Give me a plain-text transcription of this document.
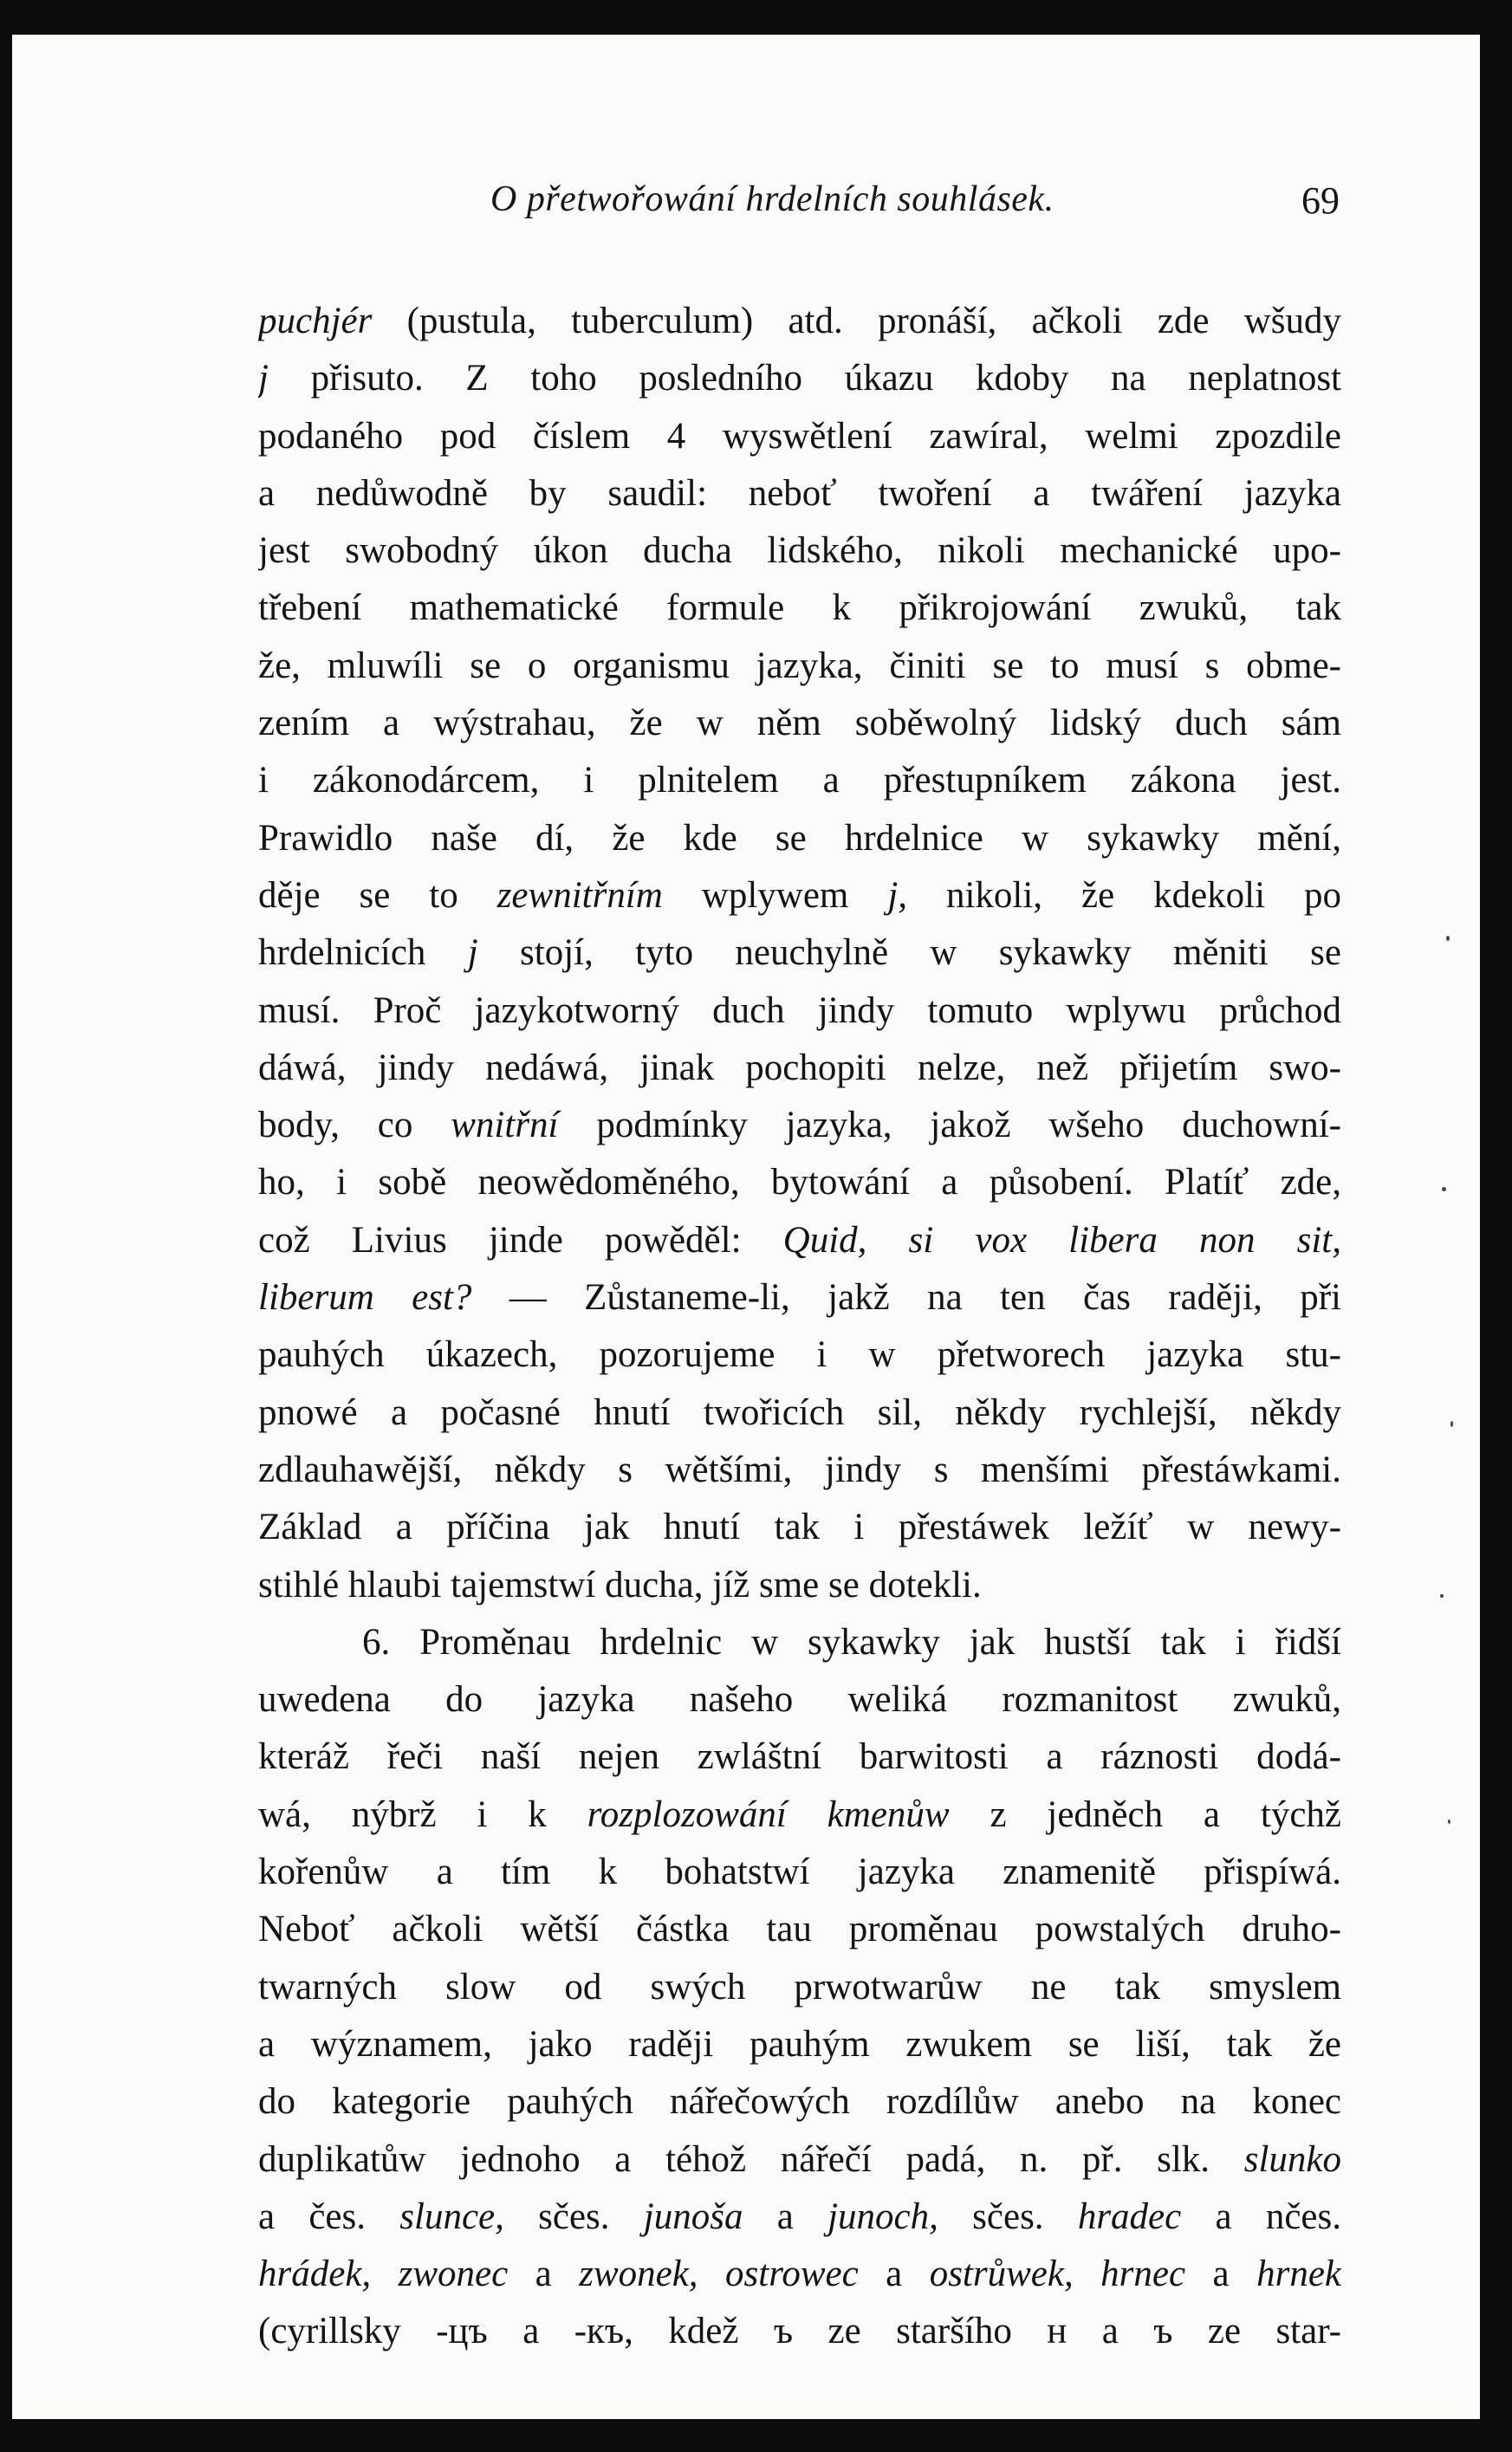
O přetwořowání hrdelních souhlásek.	69
puchjér (pustula, tuberculum) atd. pronáší, ačkoli zde wšudy
j přisuto. Z toho posledního úkazu kdoby na neplatnost
podaného pod číslem 4 wyswětlení zawíral, welmi zpozdile
a nedůwodně by saudil: neboť twoření a twáření jazyka
jest swobodný úkon ducha lidského, nikoli mechanické upo-
třebení mathematické formule k přikrojowání zwuků, tak
že, mluwíli se o organismu jazyka, činiti se to musí s obme-
zením a wýstrahau, že w něm soběwolný lidský duch sám
i zákonodárcem, i plnitelem a přestupníkem zákona jest.
Prawidlo naše dí, že kde se hrdelnice w sykawky mění,
děje se to zewnitřním wplywem j, nikoli, že kdekoli po
hrdelnicích j stojí, tyto neuchylně w sykawky měniti se
musí. Proč jazykotworný duch jindy tomuto wplywu průchod
dáwá, jindy nedáwá, jinak pochopiti nelze, než přijetím swo-
body, co wnitřní podmínky jazyka, jakož wšeho duchowní-
ho, i sobě neowědoměného, bytowání a působení. Platíť zde,
což Livius jinde powěděl: Quid, si vox libera non sit,
liberum est? — Zůstaneme-li, jakž na ten čas raději, při
pauhých úkazech, pozorujeme i w přetworech jazyka stu-
pnowé a počasné hnutí twořicích sil, někdy rychlejší, někdy
zdlauhawější, někdy s wětšími, jindy s menšími přestáwkami.
Základ a příčina jak hnutí tak i přestáwek ležíť w newy-
stihlé hlaubi tajemstwí ducha, jíž sme se dotekli.
6. Proměnau hrdelnic w sykawky jak hustší tak i řidší
uwedena do jazyka našeho weliká rozmanitost zwuků,
kteráž řeči naší nejen zwláštní barwitosti a ráznosti dodá-
wá, nýbrž i k rozplozowání kmenůw z jedněch a týchž
kořenůw a tím k bohatstwí jazyka znamenitě přispíwá.
Neboť ačkoli wětší částka tau proměnau powstalých druho-
twarných slow od swých prwotwarůw ne tak smyslem
a wýznamem, jako raději pauhým zwukem se liší, tak že
do kategorie pauhých nářečowých rozdílůw anebo na konec
duplikatůw jednoho a téhož nářečí padá, n. př. slk. slunko
a čes. slunce, sčes. junoša a junoch, sčes. hradec a nčes.
hrádek, zwonec a zwonek, ostrowec a ostrůwek, hrnec a hrnek
(cyrillsky -цъ a -къ, kdež ъ ze staršího н a ъ ze star-
